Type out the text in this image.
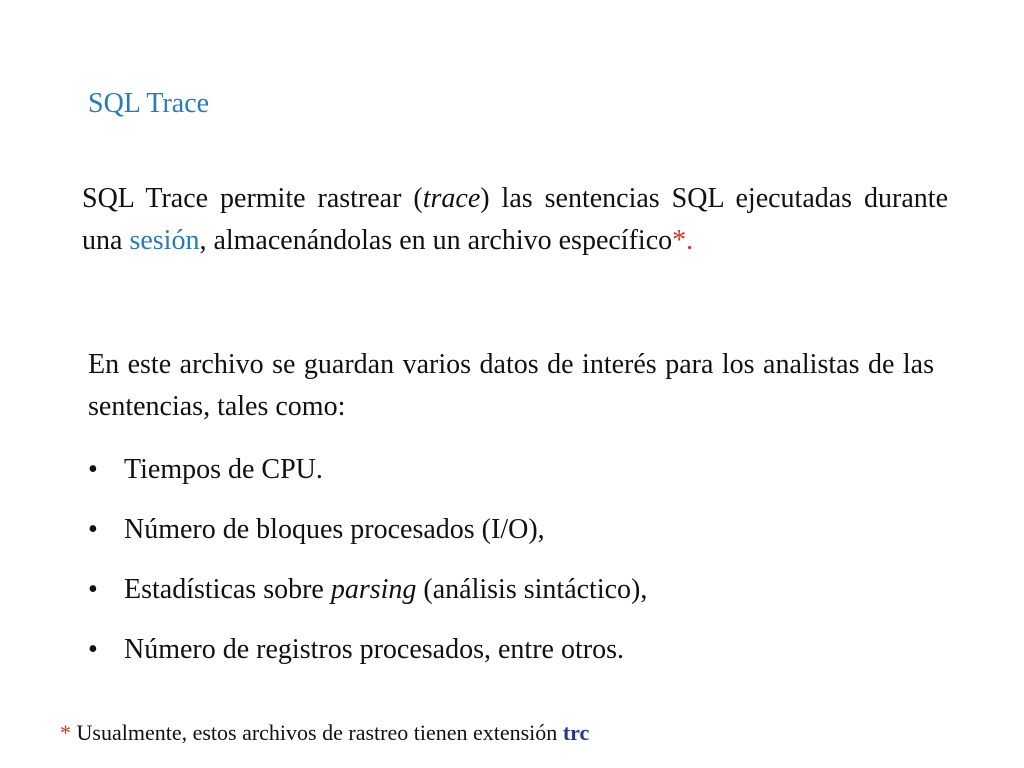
SQL Trace

SQL Trace permite rastrear (trace) las sentencias SQL ejecutadas durante una sesión, almacenándolas en un archivo específico*.

En este archivo se guardan varios datos de interés para los analistas de las sentencias, tales como:

• Tiempos de CPU.
• Número de bloques procesados (I/O),
• Estadísticas sobre parsing (análisis sintáctico),
• Número de registros procesados, entre otros.
* Usualmente, estos archivos de rastreo tienen extensión trc
